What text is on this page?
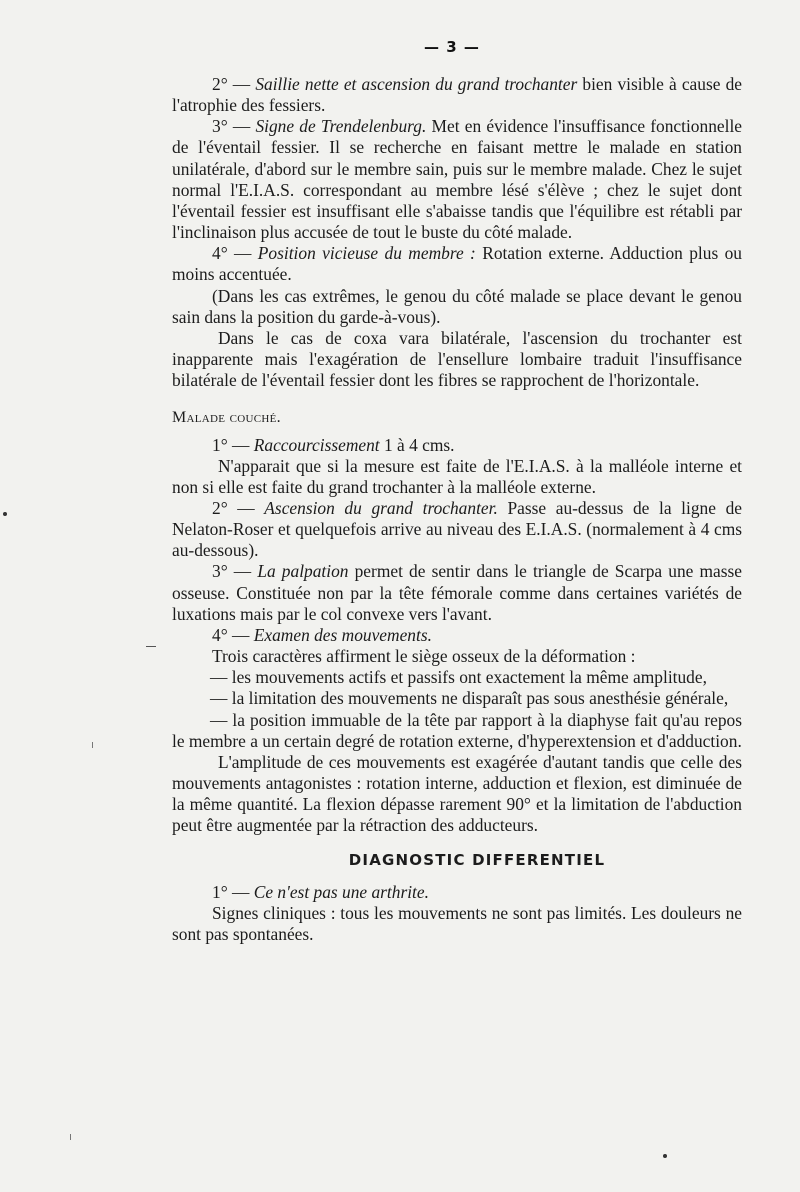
— 3 —

2° — Saillie nette et ascension du grand trochanter bien visible à cause de l'atrophie des fessiers.

3° — Signe de Trendelenburg. Met en évidence l'insuffisance fonctionnelle de l'éventail fessier. Il se recherche en faisant mettre le malade en station unilatérale, d'abord sur le membre sain, puis sur le membre malade. Chez le sujet normal l'E.I.A.S. correspondant au membre lésé s'élève ; chez le sujet dont l'éventail fessier est insuffisant elle s'abaisse tandis que l'équilibre est rétabli par l'inclinaison plus accusée de tout le buste du côté malade.

4° — Position vicieuse du membre : Rotation externe. Adduction plus ou moins accentuée.

(Dans les cas extrêmes, le genou du côté malade se place devant le genou sain dans la position du garde-à-vous).

Dans le cas de coxa vara bilatérale, l'ascension du trochanter est inapparente mais l'exagération de l'ensellure lombaire traduit l'insuffisance bilatérale de l'éventail fessier dont les fibres se rapprochent de l'horizontale.

Malade couché.

1° — Raccourcissement 1 à 4 cms.

N'apparait que si la mesure est faite de l'E.I.A.S. à la malléole interne et non si elle est faite du grand trochanter à la malléole externe.

2° — Ascension du grand trochanter. Passe au-dessus de la ligne de Nelaton-Roser et quelquefois arrive au niveau des E.I.A.S. (normalement à 4 cms au-dessous).

3° — La palpation permet de sentir dans le triangle de Scarpa une masse osseuse. Constituée non par la tête fémorale comme dans certaines variétés de luxations mais par le col convexe vers l'avant.

4° — Examen des mouvements.

Trois caractères affirment le siège osseux de la déformation :

— les mouvements actifs et passifs ont exactement la même amplitude,

— la limitation des mouvements ne disparaît pas sous anesthésie générale,

— la position immuable de la tête par rapport à la diaphyse fait qu'au repos le membre a un certain degré de rotation externe, d'hyperextension et d'adduction.

L'amplitude de ces mouvements est exagérée d'autant tandis que celle des mouvements antagonistes : rotation interne, adduction et flexion, est diminuée de la même quantité. La flexion dépasse rarement 90° et la limitation de l'abduction peut être augmentée par la rétraction des adducteurs.

DIAGNOSTIC DIFFERENTIEL

1° — Ce n'est pas une arthrite.

Signes cliniques : tous les mouvements ne sont pas limités. Les douleurs ne sont pas spontanées.
